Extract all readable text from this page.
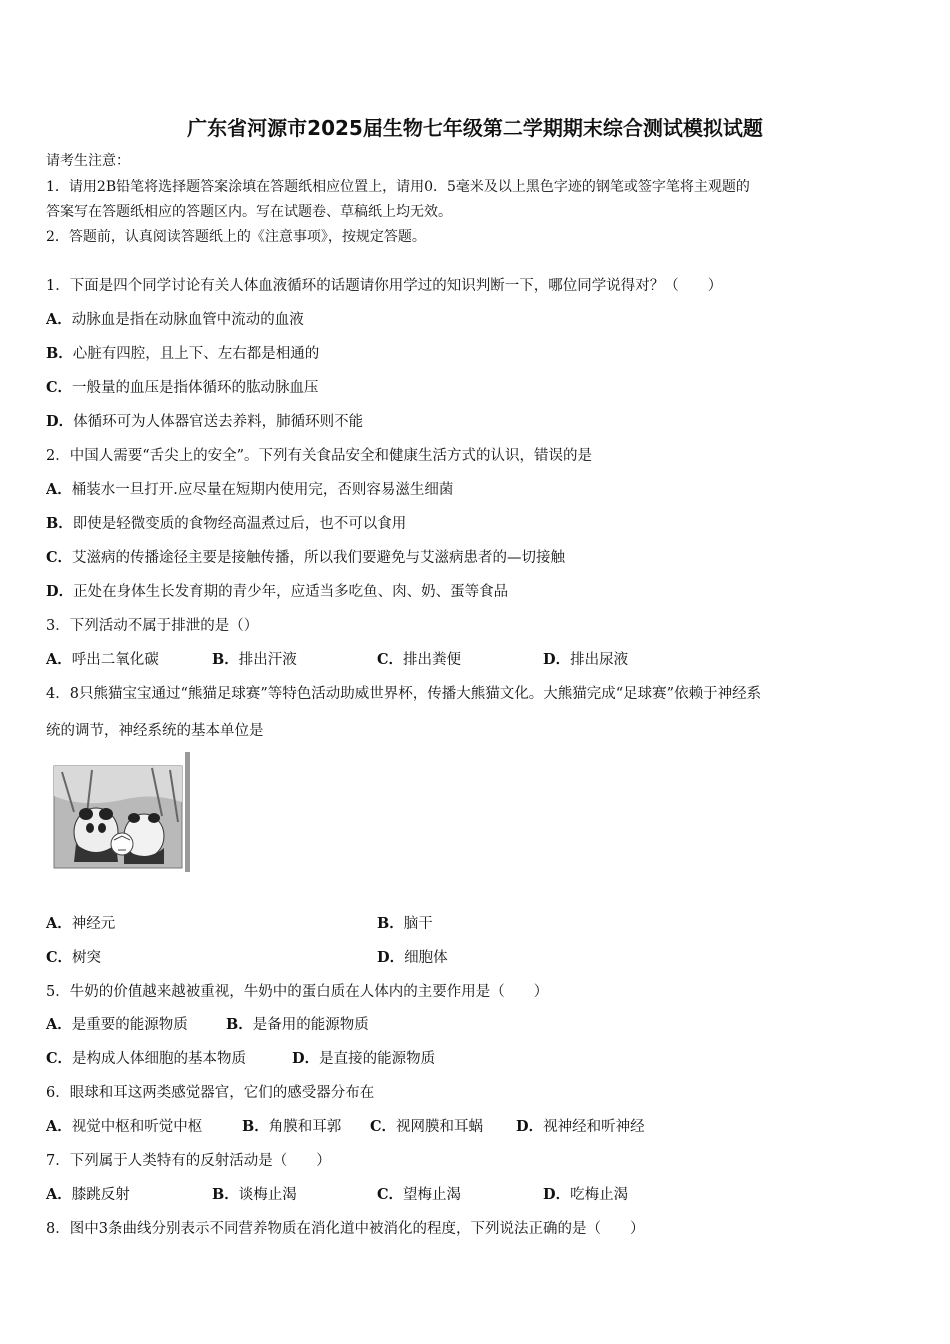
广东省河源市2025届生物七年级第二学期期末综合测试模拟试题
请考生注意：
1．请用2B铅笔将选择题答案涂填在答题纸相应位置上，请用0．5毫米及以上黑色字迹的钢笔或签字笔将主观题的
答案写在答题纸相应的答题区内。写在试题卷、草稿纸上均无效。
2．答题前，认真阅读答题纸上的《注意事项》，按规定答题。
1．下面是四个同学讨论有关人体血液循环的话题请你用学过的知识判断一下，哪位同学说得对？（　　）
A．动脉血是指在动脉血管中流动的血液
B．心脏有四腔，且上下、左右都是相通的
C．一般量的血压是指体循环的肱动脉血压
D．体循环可为人体器官送去养料，肺循环则不能
2．中国人需要“舌尖上的安全”。下列有关食品安全和健康生活方式的认识，错误的是
A．桶装水一旦打开.应尽量在短期内使用完，否则容易滋生细菌
B．即使是轻微变质的食物经高温煮过后，也不可以食用
C．艾滋病的传播途径主要是接触传播，所以我们要避免与艾滋病患者的—切接触
D．正处在身体生长发育期的青少年，应适当多吃鱼、肉、奶、蛋等食品
3．下列活动不属于排泄的是（）
A．呼出二氧化碳	B．排出汗液	C．排出粪便	D．排出尿液
4．8只熊猫宝宝通过“熊猫足球赛”等特色活动助威世界杯，传播大熊猫文化。大熊猫完成“足球赛”依赖于神经系
统的调节，神经系统的基本单位是
A．神经元	B．脑干
C．树突	D．细胞体
5．牛奶的价值越来越被重视，牛奶中的蛋白质在人体内的主要作用是（　　）
A．是重要的能源物质	B．是备用的能源物质
C．是构成人体细胞的基本物质	D．是直接的能源物质
6．眼球和耳这两类感觉器官，它们的感受器分布在
A．视觉中枢和听觉中枢	B．角膜和耳郭 C．视网膜和耳蜗 D．视神经和听神经
7．下列属于人类特有的反射活动是（　　）
A．膝跳反射	B．谈梅止渴	C．望梅止渴	D．吃梅止渴
8．图中3条曲线分别表示不同营养物质在消化道中被消化的程度，下列说法正确的是（　　）
